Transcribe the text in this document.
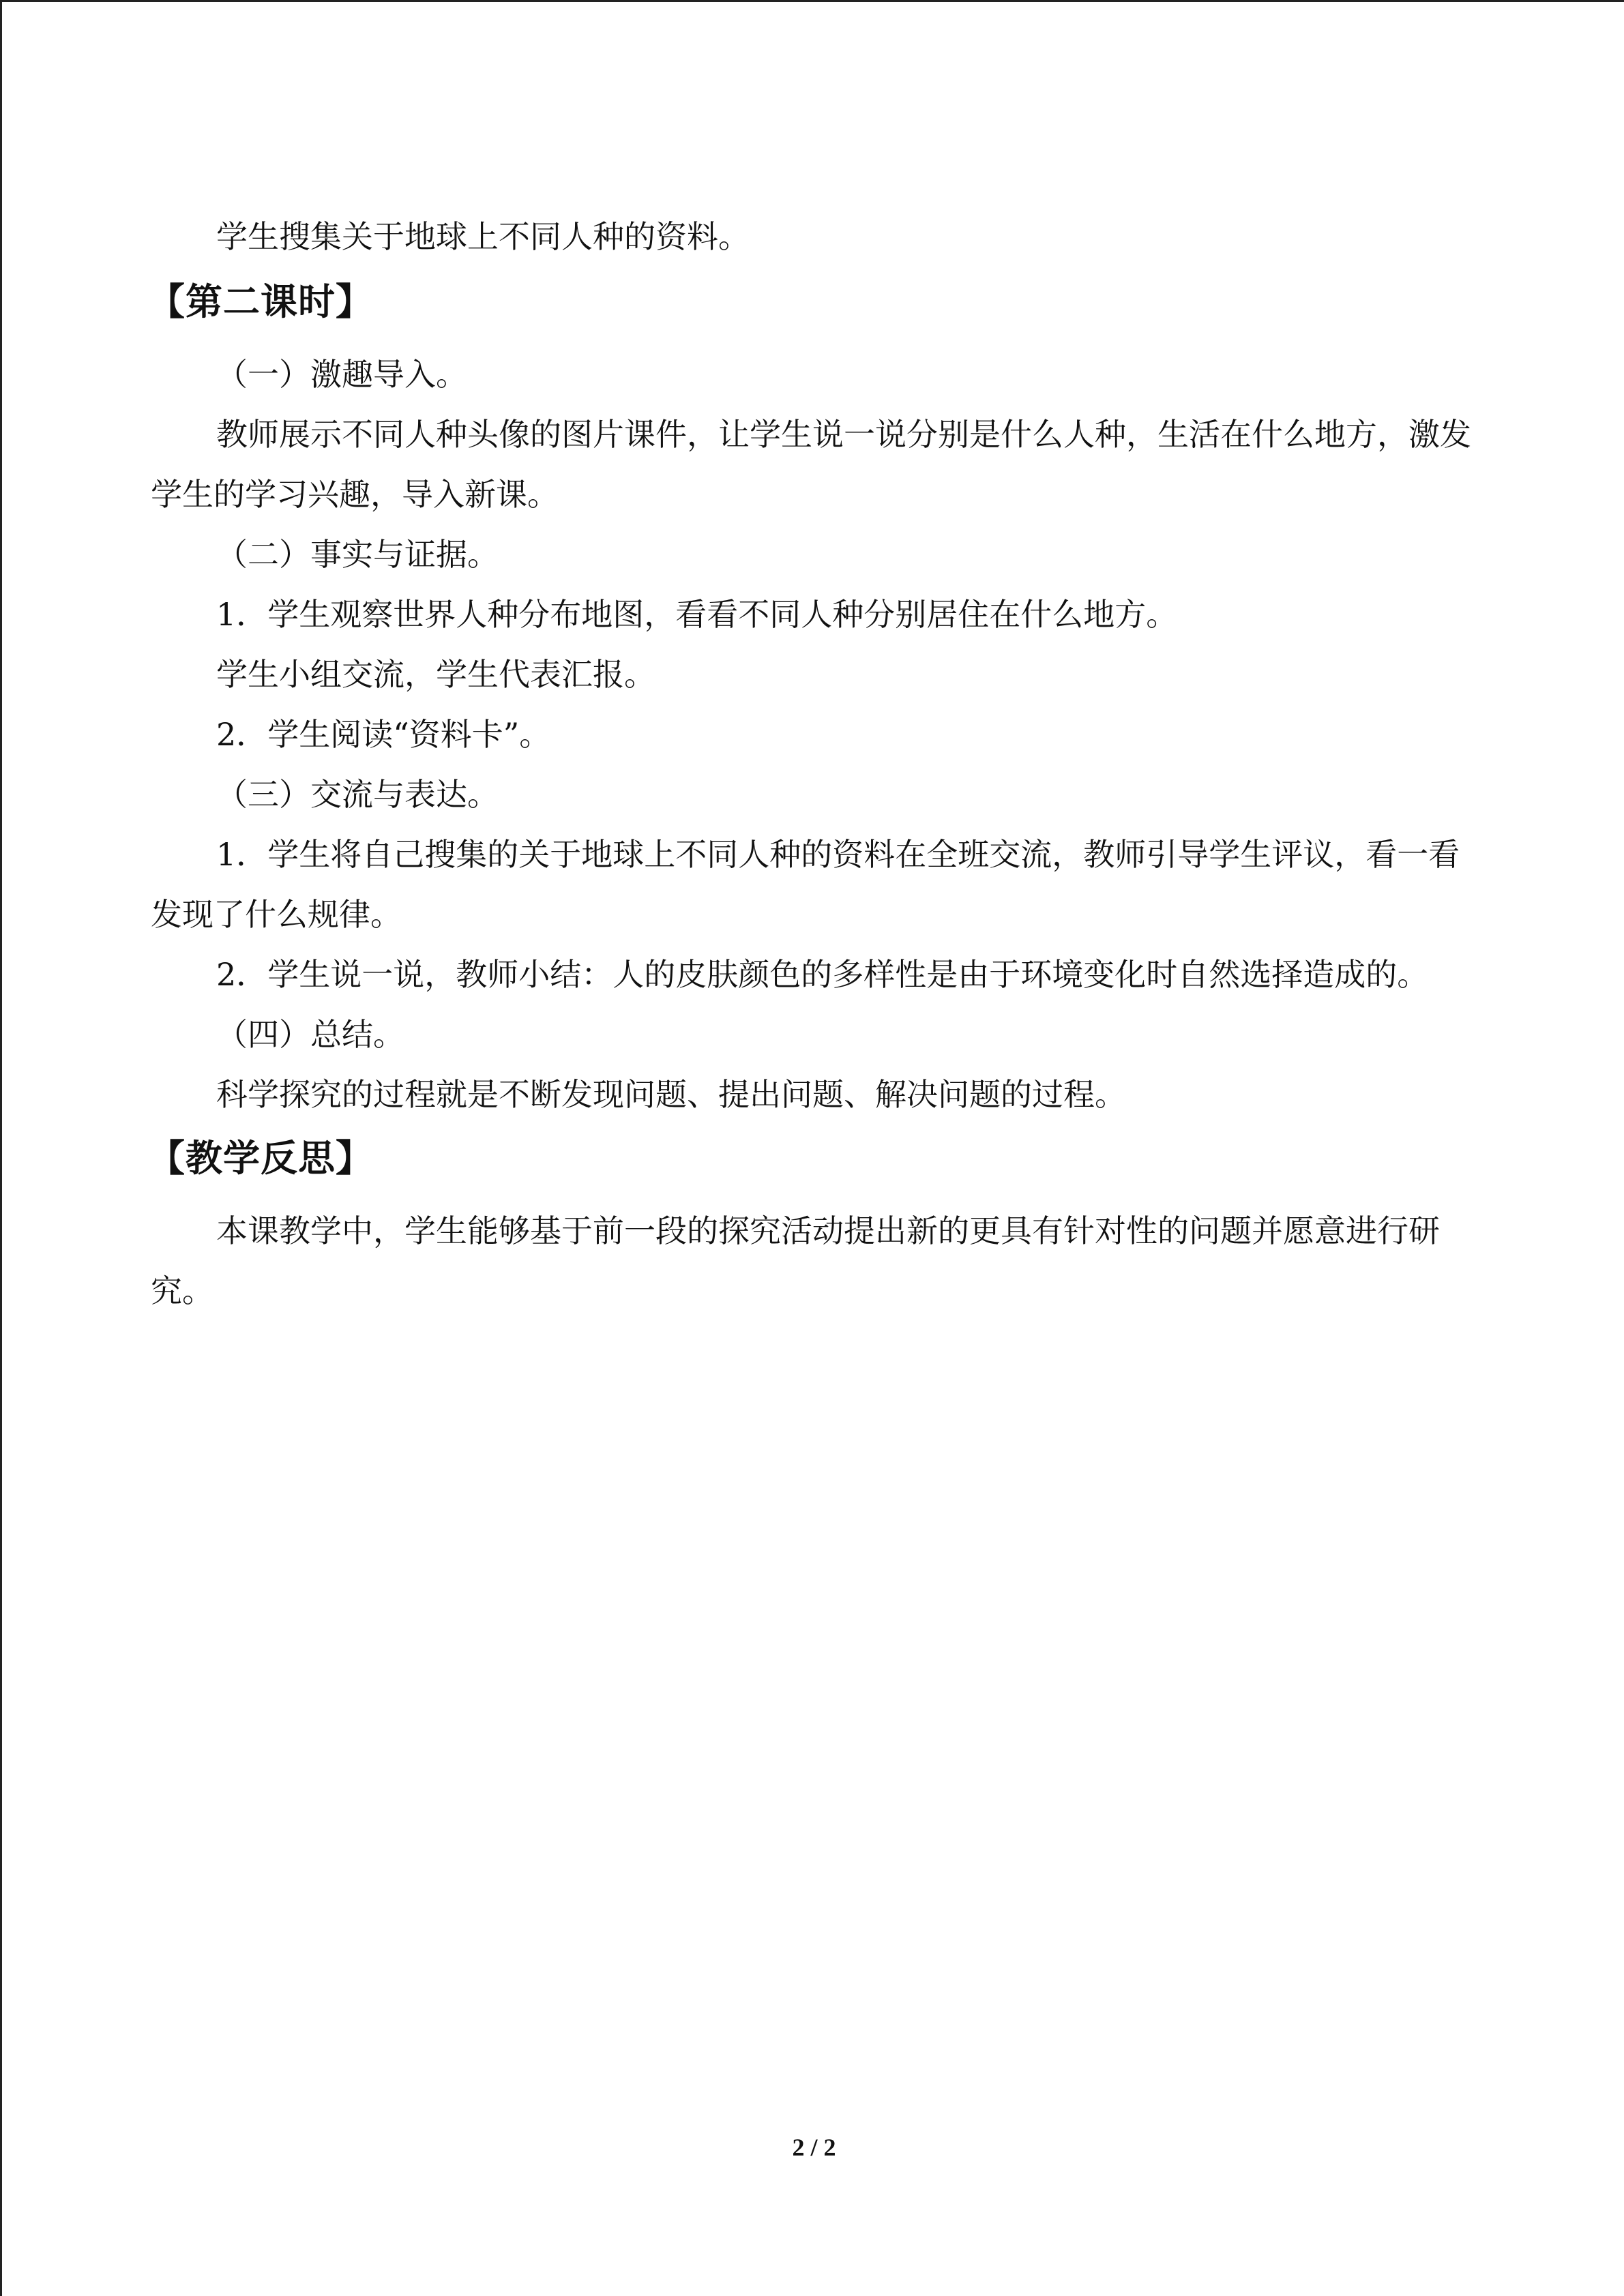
学生搜集关于地球上不同人种的资料。

【第二课时】

（一）激趣导入。

教师展示不同人种头像的图片课件，让学生说一说分别是什么人种，生活在什么地方，激发学生的学习兴趣，导入新课。

（二）事实与证据。

1．学生观察世界人种分布地图，看看不同人种分别居住在什么地方。

学生小组交流，学生代表汇报。

2．学生阅读“资料卡”。

（三）交流与表达。

1．学生将自己搜集的关于地球上不同人种的资料在全班交流，教师引导学生评议，看一看发现了什么规律。

2．学生说一说，教师小结：人的皮肤颜色的多样性是由于环境变化时自然选择造成的。

（四）总结。

科学探究的过程就是不断发现问题、提出问题、解决问题的过程。

【教学反思】

本课教学中，学生能够基于前一段的探究活动提出新的更具有针对性的问题并愿意进行研究。

2 / 2
